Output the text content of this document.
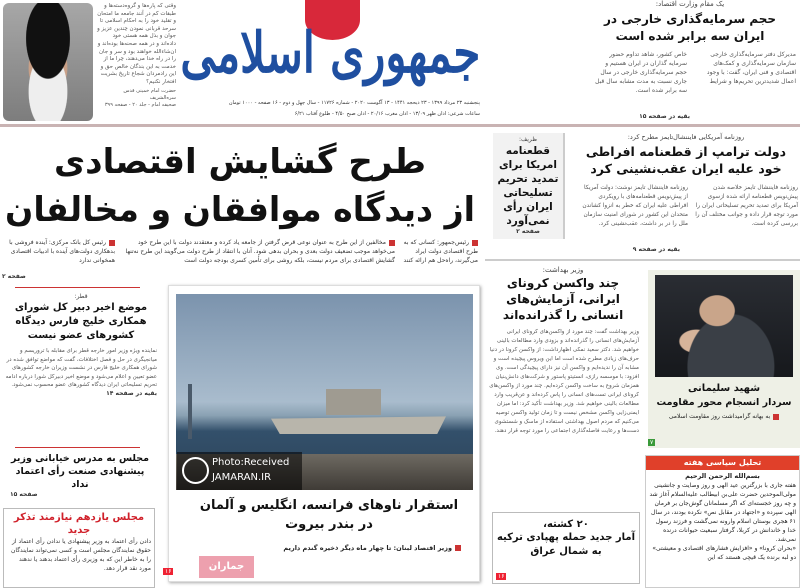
وقتی که پاره‌ها و گروه‌دسته‌ها و طبقات کم در آنند جامعه ما امتحان و تقلید خود را به احکام اسلامی تا سرحد قربانی نمودن چندین عزیز و جوان و بذل همه هستی خود داده‌اند و در همه صحنه‌ها بوده‌اند و ان‌شاءالله خواهند بود و سر و جان را در راه خدا می‌دهند، چرا ما از خدمت به این بندگان خالص حق و این رادمردان شجاع تاریخ بشریت افتخار نکنیم؟
حضرت امام خمینی قدس سره‌الشریف
صحیفه امام - جلد ۲۰ - صفحه ۳۹۹
جمهوری اسلامی
پنجشنبه ۲۳ مرداد ۱۳۹۹ - ۲۳ ذیحجه ۱۴۴۱ - ۱۳ آگوست ۲۰۲۰ - شماره ۱۱۷۲۶ - سال چهل و دوم - ۱۶ صفحه - ۱۰۰۰ تومان
ساعات شرعی: اذان ظهر ۱۳/۰۹ - اذان مغرب ۲۰/۱۶ - اذان صبح ۴/۵۰ - طلوع آفتاب ۶/۲۱
یک مقام وزارت اقتصاد:
حجم سرمایه‌گذاری خارجی در ایران سه برابر شده است
مدیرکل دفتر سرمایه‌گذاری خارجی سازمان سرمایه‌گذاری و کمک‌های اقتصادی و فنی ایران، گفت: با وجود اعمال شدیدترین تحریم‌ها و شرایط
خاص کشور، شاهد تداوم حضور سرمایه گذاران در ایران هستیم و حجم سرمایه‌گذاری خارجی در سال جاری نسبت به مدت مشابه سال قبل سه برابر شده است.
بقیه در صفحه ۱۵
طرح گشایش اقتصادی
از دیدگاه موافقان و مخالفان
رئیس‌جمهور: کسانی که به طرح اقتصادی دولت ایراد می‌گیرند، راه‌حل هم ارائه کنند
مخالفین از این طرح به عنوان نوعی قرض گرفتن از جامعه یاد کرده و معتقدند دولت با این طرح خود می‌خواهد موجب تضعیف دولت بعدی و بحران بدهی شود. آنان با انتقاد از طرح دولت می‌گویند این طرح نه‌تنها گشایش اقتصادی برای مردم نیست، بلکه روشی برای تأمین کسری بودجه دولت است
رئیس کل بانک مرکزی: آینده فروشی با بدهکاری دولت‌های آینده با ادبیات اقتصادی همخوانی ندارد
صفحه ۲
ظریف:
قطعنامه امریکا برای تمدید تحریم تسلیحاتی ایران رأی نمی‌آورد
صفحه ۲
روزنامه آمریکایی فایننشال‌تایمز مطرح کرد:
دولت ترامپ از قطعنامه افراطی خود علیه ایران عقب‌نشینی کرد
روزنامه فایننشال تایمز خلاصه شدن پیش‌نویس قطعنامه ارائه شده ازسوی آمریکا برای تمدید تحریم تسلیحاتی ایران را مورد توجه قرار داده و جوانب مختلف آن را بررسی کرده است.
روزنامه فایننشال تایمز نوشت: دولت آمریکا از پیش‌نویس قطعنامه‌های با رویکردی افراطی علیه ایران که خطر به انزوا کشاندن متحدان این کشور در شورای امنیت سازمان ملل را در بر داشت، عقب‌نشینی کرد.
بقیه در صفحه ۹
قطر:
موضع اخیر دبیر کل شورای همکاری خلیج فارس دیدگاه کشورهای عضو نیست
نماینده ویژه وزیر امور خارجه قطر برای مقابله با تروریسم و میانجیگری در حل و فصل اختلافات، گفت که مواضع توافق شده در شورای همکاری خلیج فارس در نشست وزیران خارجه کشورهای عضو تعیین و اعلام می‌شود و موضع اخیر دبیرکل شورا درباره ادامه تحریم تسلیحاتی ایران دیدگاه کشورهای عضو محسوب نمی‌شود.
بقیه در صفحه ۱۴
مجلس به مدرس خیابانی وزیر پیشنهادی صنعت رأی اعتماد نداد
صفحه ۱۵
مجلس یازدهم نیازمند تذکر جدید
دادن رأی اعتماد به وزیر پیشنهادی یا ندادن رأی اعتماد از حقوق نمایندگان مجلس است و کسی نمی‌تواند نمایندگان را به خاطر این که به وزیری رأی اعتماد بدهند یا ندهند مورد نقد قرار دهد.
استقرار ناوهای فرانسه، انگلیس و آلمان در بندر بیروت
وزیر اقتصاد لبنان: تا چهار ماه دیگر ذخیره گندم داریم
جماران
۱۶
Photo:Received
JAMARAN.IR
وزیر بهداشت:
چند واکسن کرونای ایرانی، آزمایش‌های انسانی را گذرانده‌اند
وزیر بهداشت گفت: چند مورد از واکسن‌های کرونای ایرانی آزمایش‌های انسانی را گذرانده‌اند و بزودی وارد مطالعات بالینی خواهیم شد. دکتر سعید نمکی اظهارداشت: از واکسن کرونا در دنیا حرف‌های زیادی مطرح شده است اما این ویروس پیچیده است و مشابه آن را ندیده‌ایم و واکسن آن نیز دارای پیچیدگی است. وی افزود: با موسسه رازی، انستیتو پاستور و شرکت‌های دانش‌بنیان همزمان شروع به ساخت واکسن کرده‌ایم. چند مورد از واکسن‌های کرونای ایرانی تست‌های انسانی را پاس کرده‌اند و عن‌قریب وارد مطالعات بالینی خواهیم شد. وزیر بهداشت تأکید کرد: اما میزان ایمنی‌زایی واکسن مشخص نیست و تا زمان تولید واکسن توصیه می‌کنیم که مردم اصول بهداشتی استفاده از ماسک و شستشوی دست‌ها و رعایت فاصله‌گذاری اجتماعی را مورد توجه قرار دهند.
۲۰ کشته،
آمار جدید حمله پهپادی ترکیه به شمال عراق
۱۶
شهید سلیمانی
سردار انسجام محور مقاومت
به بهانه گرامیداشت روز مقاومت اسلامی
۷
تحلیل سیاسی هفته
بسم‌الله الرحمن الرحیم
هفته جاری با بزرگترین عید الهی و روز وصایت و جانشینی مولی‌الموحدین حضرت علی‌بن ابیطالب علیه‌السلام آغاز شد و چه روز خجسته‌ای که اگر مسلمانان گوش‌جان بر فرمان الهی سپرده و «اجتهاد در مقابل نص» نکرده بودند، در سال ۶۱ هجری بوستان اسلام وارونه نمی‌گشت و فرزند رسول خدا و خاندانش در کربلا، گرفتار سبعیت حیوانات درنده نمی‌شد.
«بحران کرونا» و «افزایش فشارهای اقتصادی و معیشتی» دو لبه برنده یک قیچی هستند که این
